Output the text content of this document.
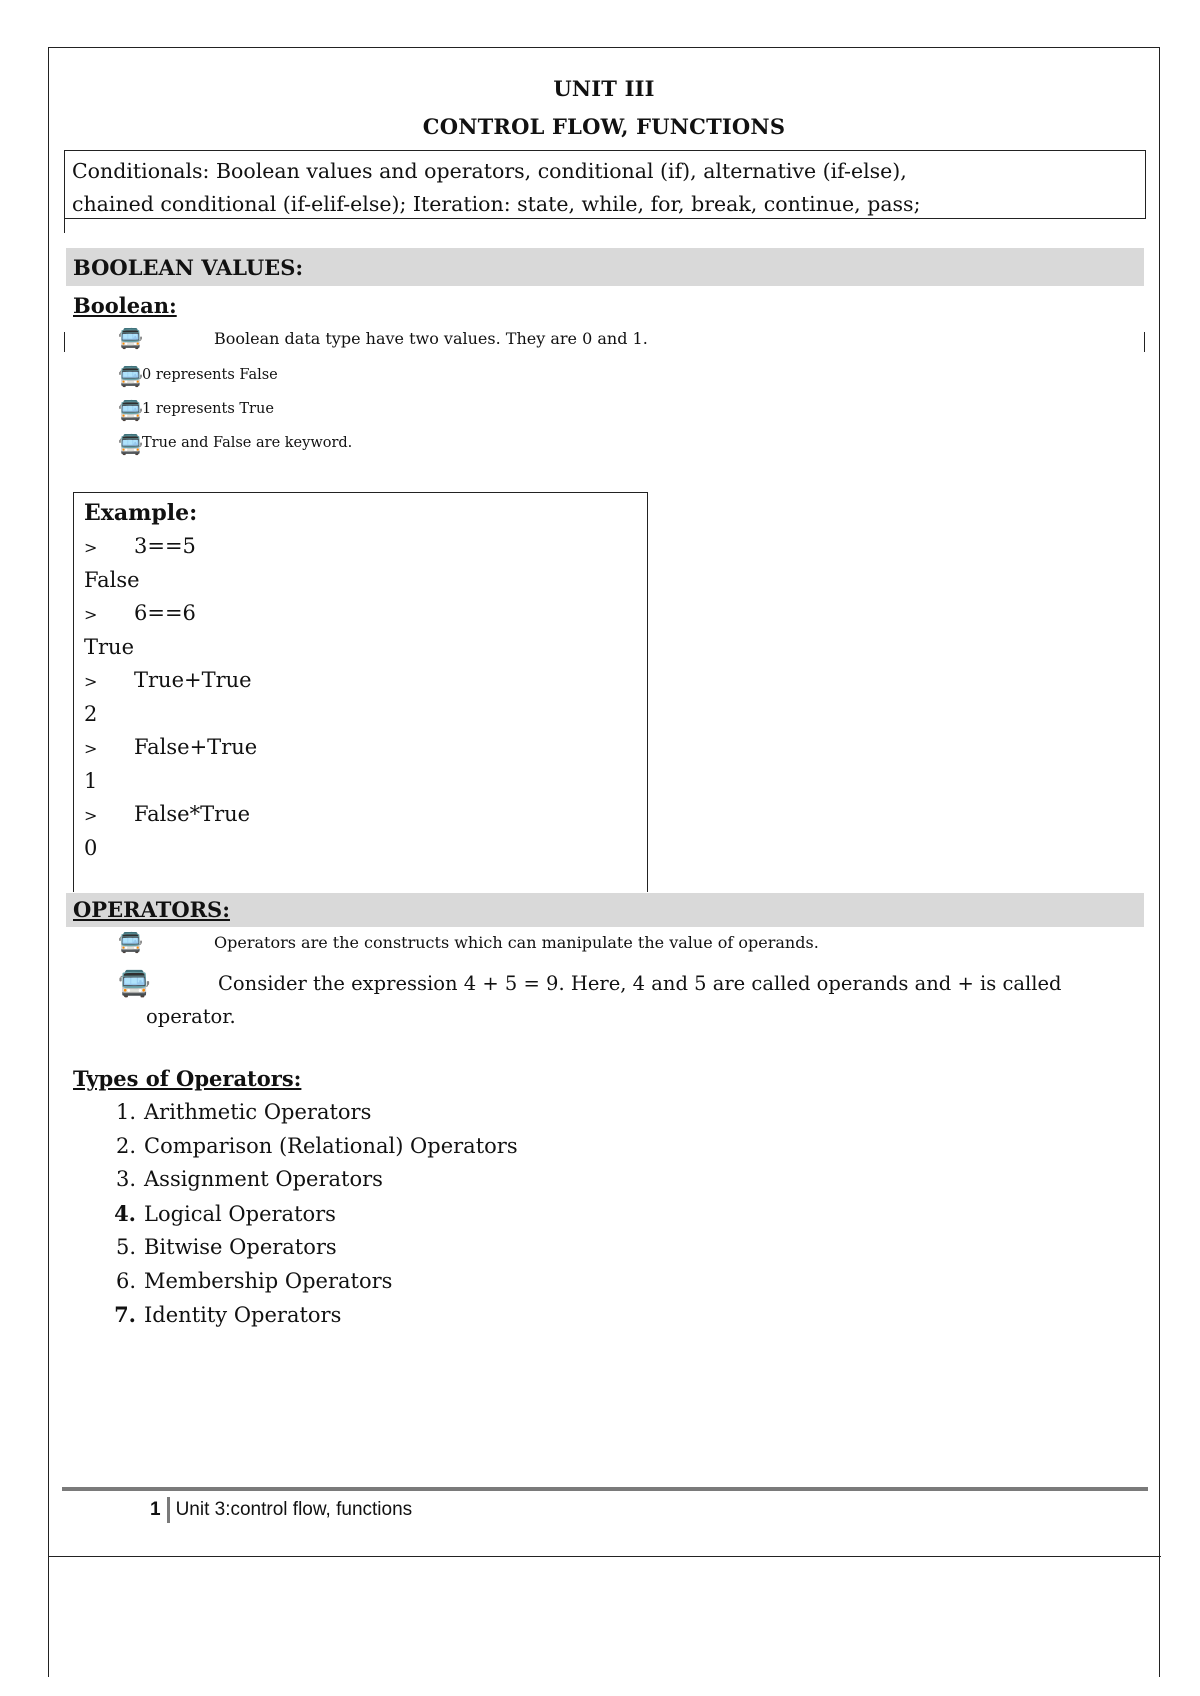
UNIT III
CONTROL FLOW, FUNCTIONS
Conditionals: Boolean values and operators, conditional (if), alternative (if-else),
chained conditional (if-elif-else); Iteration: state, while, for, break, continue, pass;
BOOLEAN VALUES:
Boolean:
🚍	Boolean data type have two values. They are 0 and 1.
🚍 0 represents False
🚍 1 represents True
🚍 True and False are keyword.
Example:
> 3==5
False
> 6==6
True
> True+True
2
> False+True
1
> False*True
0
OPERATORS:
🚍	Operators are the constructs which can manipulate the value of operands.
🚍	Consider the expression 4 + 5 = 9. Here, 4 and 5 are called operands and + is called
operator.
Types of Operators:
1. Arithmetic Operators
2. Comparison (Relational) Operators
3. Assignment Operators
4. Logical Operators
5. Bitwise Operators
6. Membership Operators
7. Identity Operators
1 Unit 3:control flow, functions
